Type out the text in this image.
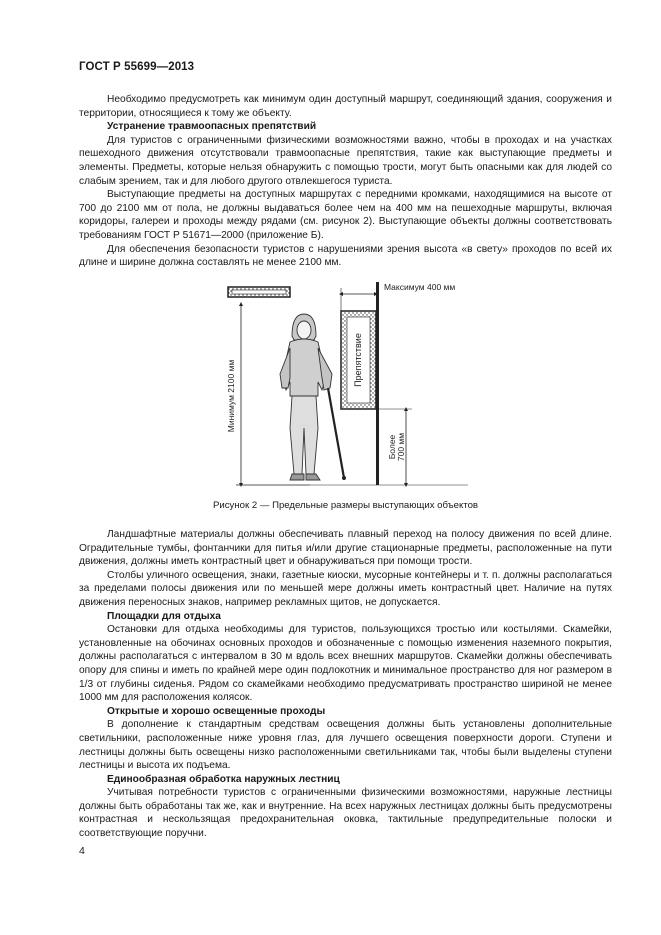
ГОСТ Р 55699—2013

Необходимо предусмотреть как минимум один доступный маршрут, соединяющий здания, сооружения и территории, относящиеся к тому же объекту.

Устранение травмоопасных препятствий

Для туристов с ограниченными физическими возможностями важно, чтобы в проходах и на участках пешеходного движения отсутствовали травмоопасные препятствия, такие как выступающие предметы и элементы. Предметы, которые нельзя обнаружить с помощью трости, могут быть опасными как для людей со слабым зрением, так и для любого другого отвлекшегося туриста.

Выступающие предметы на доступных маршрутах с передними кромками, находящимися на высоте от 700 до 2100 мм от пола, не должны выдаваться более чем на 400 мм на пешеходные маршруты, включая коридоры, галереи и проходы между рядами (см. рисунок 2). Выступающие объекты должны соответствовать требованиям ГОСТ Р 51671—2000 (приложение Б).

Для обеспечения безопасности туристов с нарушениями зрения высота «в свету» проходов по всей их длине и ширине должна составлять не менее 2100 мм.

Минимум 2100 мм	Препятствие
Максимум 400 мм
Более 700 мм
Рисунок 2 — Предельные размеры выступающих объектов

Ландшафтные материалы должны обеспечивать плавный переход на полосу движения по всей длине. Оградительные тумбы, фонтанчики для питья и/или другие стационарные предметы, расположенные на пути движения, должны иметь контрастный цвет и обнаруживаться при помощи трости.

Столбы уличного освещения, знаки, газетные киоски, мусорные контейнеры и т. п. должны располагаться за пределами полосы движения или по меньшей мере должны иметь контрастный цвет. Наличие на путях движения переносных знаков, например рекламных щитов, не допускается.

Площадки для отдыха

Остановки для отдыха необходимы для туристов, пользующихся тростью или костылями. Скамейки, установленные на обочинах основных проходов и обозначенные с помощью изменения наземного покрытия, должны располагаться с интервалом в 30 м вдоль всех внешних маршрутов. Скамейки должны обеспечивать опору для спины и иметь по крайней мере один подлокотник и минимальное пространство для ног размером в 1/3 от глубины сиденья. Рядом со скамейками необходимо предусматривать пространство шириной не менее 1000 мм для расположения колясок.

Открытые и хорошо освещенные проходы

В дополнение к стандартным средствам освещения должны быть установлены дополнительные светильники, расположенные ниже уровня глаз, для лучшего освещения поверхности дороги. Ступени и лестницы должны быть освещены низко расположенными светильниками так, чтобы были выделены ступени лестницы и высота их подъема.

Единообразная обработка наружных лестниц

Учитывая потребности туристов с ограниченными физическими возможностями, наружные лестницы должны быть обработаны так же, как и внутренние. На всех наружных лестницах должны быть предусмотрены контрастная и нескользящая предохранительная оковка, тактильные предупредительные полоски и соответствующие поручни.

4
